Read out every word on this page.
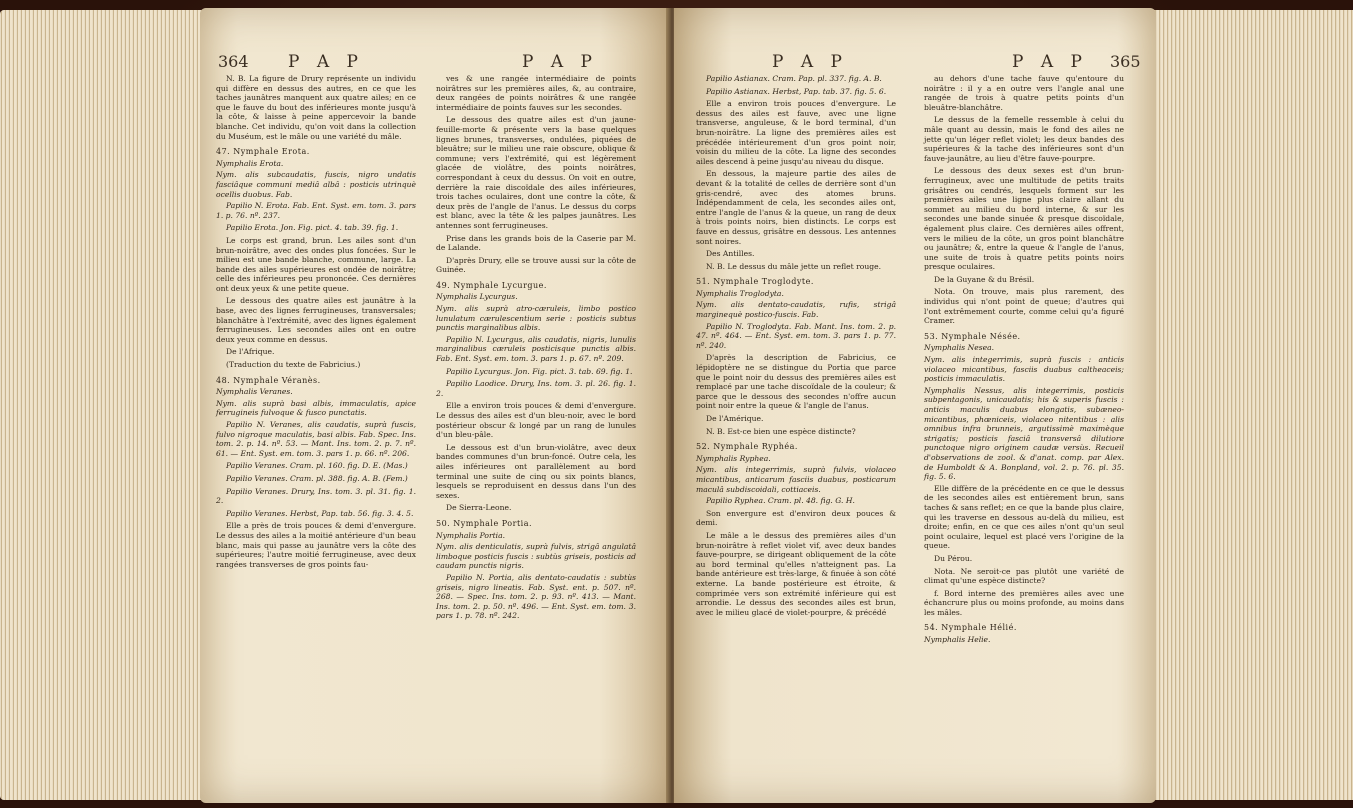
364 P A P	P A P

N. B. La figure de Drury représente un individu qui diffère en dessus des autres, en ce que les taches jaunâtres manquent aux quatre ailes; en ce que le fauve du bout des inférieures monte jusqu'à la côte, & laisse à peine appercevoir la bande blanche. Cet individu, qu'on voit dans la collection du Muséum, est le mâle ou une variété du mâle.

47. Nymphale Erota.

Nymphalis Erota.

Nym. alis subcaudatis, fuscis, nigro undatis fasciâque communi mediâ albâ : posticis utrinquè ocellis duobus. Fab.

Papilio N. Erota. Fab. Ent. Syst. em. tom. 3. pars 1. p. 76. nº. 237.

Papilio Erota. Jon. Fig. pict. 4. tab. 39. fig. 1.

Le corps est grand, brun. Les ailes sont d'un brun-noirâtre, avec des ondes plus foncées. Sur le milieu est une bande blanche, commune, large. La bande des ailes supérieures est ondée de noirâtre; celle des inférieures peu prononcée. Ces dernières ont deux yeux & une petite queue.

Le dessous des quatre ailes est jaunâtre à la base, avec des lignes ferrugineuses, transversales; blanchâtre à l'extrémité, avec des lignes également ferrugineuses. Les secondes ailes ont en outre deux yeux comme en dessus.

De l'Afrique.

(Traduction du texte de Fabricius.)

48. Nymphale Véranès.

Nymphalis Veranes.

Nym. alis suprà basi albis, immaculatis, apice ferrugineis fulvoque & fusco punctatis.

Papilio N. Veranes, alis caudatis, suprà fuscis, fulvo nigroque maculatis, basi albis. Fab. Spec. Ins. tom. 2. p. 14. nº. 53. — Mant. Ins. tom. 2. p. 7. nº. 61. — Ent. Syst. em. tom. 3. pars 1. p. 66. nº. 206.

Papilio Veranes. Cram. pl. 160. fig. D. E. (Mas.)

Papilio Veranes. Cram. pl. 388. fig. A. B. (Fem.)

Papilio Veranes. Drury, Ins. tom. 3. pl. 31. fig. 1. 2.

Papilio Veranes. Herbst, Pap. tab. 56. fig. 3. 4. 5.

Elle a près de trois pouces & demi d'envergure. Le dessus des ailes a la moitié antérieure d'un beau blanc, mais qui passe au jaunâtre vers la côte des supérieures; l'autre moitié ferrugineuse, avec deux rangées transverses de gros points fau-

ves & une rangée intermédiaire de points noirâtres sur les premières ailes, &, au contraire, deux rangées de points noirâtres & une rangée intermédiaire de points fauves sur les secondes.

Le dessous des quatre ailes est d'un jaune-feuille-morte & présente vers la base quelques lignes brunes, transverses, ondulées, piquées de bleuâtre; sur le milieu une raie obscure, oblique & commune; vers l'extrémité, qui est légèrement glacée de violâtre, des points noirâtres, correspondant à ceux du dessus. On voit en outre, derrière la raie discoïdale des ailes inférieures, trois taches oculaires, dont une contre la côte, & deux près de l'angle de l'anus. Le dessus du corps est blanc, avec la tête & les palpes jaunâtres. Les antennes sont ferrugineuses.

Prise dans les grands bois de la Caserie par M. de Lalande.

D'après Drury, elle se trouve aussi sur la côte de Guinée.

49. Nymphale Lycurgue.

Nymphalis Lycurgus.

Nym. alis suprà atro-cæruleis, limbo postico lunulatum cærulescentium serie : posticis subtus punctis marginalibus albis.

Papilio N. Lycurgus, alis caudatis, nigris, lunulis marginalibus cæruleis posticisque punctis albis. Fab. Ent. Syst. em. tom. 3. pars 1. p. 67. nº. 209.

Papilio Lycurgus. Jon. Fig. pict. 3. tab. 69. fig. 1.

Papilio Laodice. Drury, Ins. tom. 3. pl. 26. fig. 1. 2.

Elle a environ trois pouces & demi d'envergure. Le dessus des ailes est d'un bleu-noir, avec le bord postérieur obscur & longé par un rang de lunules d'un bleu-pâle.

Le dessous est d'un brun-violâtre, avec deux bandes communes d'un brun-foncé. Outre cela, les ailes inférieures ont parallèlement au bord terminal une suite de cinq ou six points blancs, lesquels se reproduisent en dessus dans l'un des sexes.

De Sierra-Leone.

50. Nymphale Portia.

Nymphalis Portia.

Nym. alis denticulatis, suprà fulvis, strigâ angulatâ limboque posticis fuscis : subtùs griseis, posticis ad caudam punctis nigris.

Papilio N. Portia, alis dentato-caudatis : subtùs griseis, nigro lineatis. Fab. Syst. ent. p. 507. nº. 268. — Spec. Ins. tom. 2. p. 93. nº. 413. — Mant. Ins. tom. 2. p. 50. nº. 496. — Ent. Syst. em. tom. 3. pars 1. p. 78. nº. 242.

P A P	P A P 365

Papilio Astianax. Cram. Pap. pl. 337. fig. A. B.

Papilio Astianax. Herbst, Pap. tab. 37. fig. 5. 6.

Elle a environ trois pouces d'envergure. Le dessus des ailes est fauve, avec une ligne transverse, anguleuse, & le bord terminal, d'un brun-noirâtre. La ligne des premières ailes est précédée intérieurement d'un gros point noir, voisin du milieu de la côte. La ligne des secondes ailes descend à peine jusqu'au niveau du disque.

En dessous, la majeure partie des ailes de devant & la totalité de celles de derrière sont d'un gris-cendré, avec des atomes bruns. Indépendamment de cela, les secondes ailes ont, entre l'angle de l'anus & la queue, un rang de deux à trois points noirs, bien distincts. Le corps est fauve en dessus, grisâtre en dessous. Les antennes sont noires.

Des Antilles.

N. B. Le dessus du mâle jette un reflet rouge.

51. Nymphale Troglodyte.

Nymphalis Troglodyta.

Nym. alis dentato-caudatis, rufis, strigâ marginequè postico-fuscis. Fab.

Papilio N. Troglodyta. Fab. Mant. Ins. tom. 2. p. 47. nº. 464. — Ent. Syst. em. tom. 3. pars 1. p. 77. nº. 240.

D'après la description de Fabricius, ce lépidoptère ne se distingue du Portia que parce que le point noir du dessus des premières ailes est remplacé par une tache discoïdale de la couleur; & parce que le dessous des secondes n'offre aucun point noir entre la queue & l'angle de l'anus.

De l'Amérique.

N. B. Est-ce bien une espèce distincte?

52. Nymphale Ryphéa.

Nymphalis Ryphea.

Nym. alis integerrimis, suprà fulvis, violaceo micantibus, anticarum fasciis duabus, posticarum maculâ subdiscoidali, cottiaceis.

Papilio Ryphea. Cram. pl. 48. fig. G. H.

Son envergure est d'environ deux pouces & demi.

Le mâle a le dessus des premières ailes d'un brun-noirâtre à reflet violet vif, avec deux bandes fauve-pourpre, se dirigeant obliquement de la côte au bord terminal qu'elles n'atteignent pas. La bande antérieure est très-large, & finuée à son côté externe. La bande postérieure est étroite, & comprimée vers son extrémité inférieure qui est arrondie. Le dessus des secondes ailes est brun, avec le milieu glacé de violet-pourpre, & précédé

au dehors d'une tache fauve qu'entoure du noirâtre : il y a en outre vers l'angle anal une rangée de trois à quatre petits points d'un bleuâtre-blanchâtre.

Le dessus de la femelle ressemble à celui du mâle quant au dessin, mais le fond des ailes ne jette qu'un léger reflet violet; les deux bandes des supérieures & la tache des inférieures sont d'un fauve-jaunâtre, au lieu d'être fauve-pourpre.

Le dessous des deux sexes est d'un brun-ferrugineux, avec une multitude de petits traits grisâtres ou cendrés, lesquels forment sur les premières ailes une ligne plus claire allant du sommet au milieu du bord interne, & sur les secondes une bande sinuée & presque discoïdale, également plus claire. Ces dernières ailes offrent, vers le milieu de la côte, un gros point blanchâtre ou jaunâtre; &, entre la queue & l'angle de l'anus, une suite de trois à quatre petits points noirs presque oculaires.

De la Guyane & du Brésil.

Nota. On trouve, mais plus rarement, des individus qui n'ont point de queue; d'autres qui l'ont extrêmement courte, comme celui qu'a figuré Cramer.

53. Nymphale Nésée.

Nymphalis Nesea.

Nym. alis integerrimis, suprà fuscis : anticis violaceo micantibus, fasciis duabus caltheaceis; posticis immaculatis.

Nymphalis Nessus, alis integerrimis, posticis subpentagonis, unicaudatis; his & superis fuscis : anticis maculis duabus elongatis, subæneo-micantibus, phœniceis, violaceo nitentibus : alis omnibus infra brunneis, argutissimè maximèque strigatis; posticis fasciâ transversâ dilutiore punctoque nigro originem caudæ versùs. Recueil d'observations de zool. & d'anat. comp. par Alex. de Humboldt & A. Bonpland, vol. 2. p. 76. pl. 35. fig. 5. 6.

Elle diffère de la précédente en ce que le dessus de les secondes ailes est entièrement brun, sans taches & sans reflet; en ce que la bande plus claire, qui les traverse en dessous au-delà du milieu, est droite; enfin, en ce que ces ailes n'ont qu'un seul point oculaire, lequel est placé vers l'origine de la queue.

Du Pérou.

Nota. Ne seroit-ce pas plutôt une variété de climat qu'une espèce distincte?

f. Bord interne des premières ailes avec une échancrure plus ou moins profonde, au moins dans les mâles.

54. Nymphale Hélié.

Nymphalis Helie.
